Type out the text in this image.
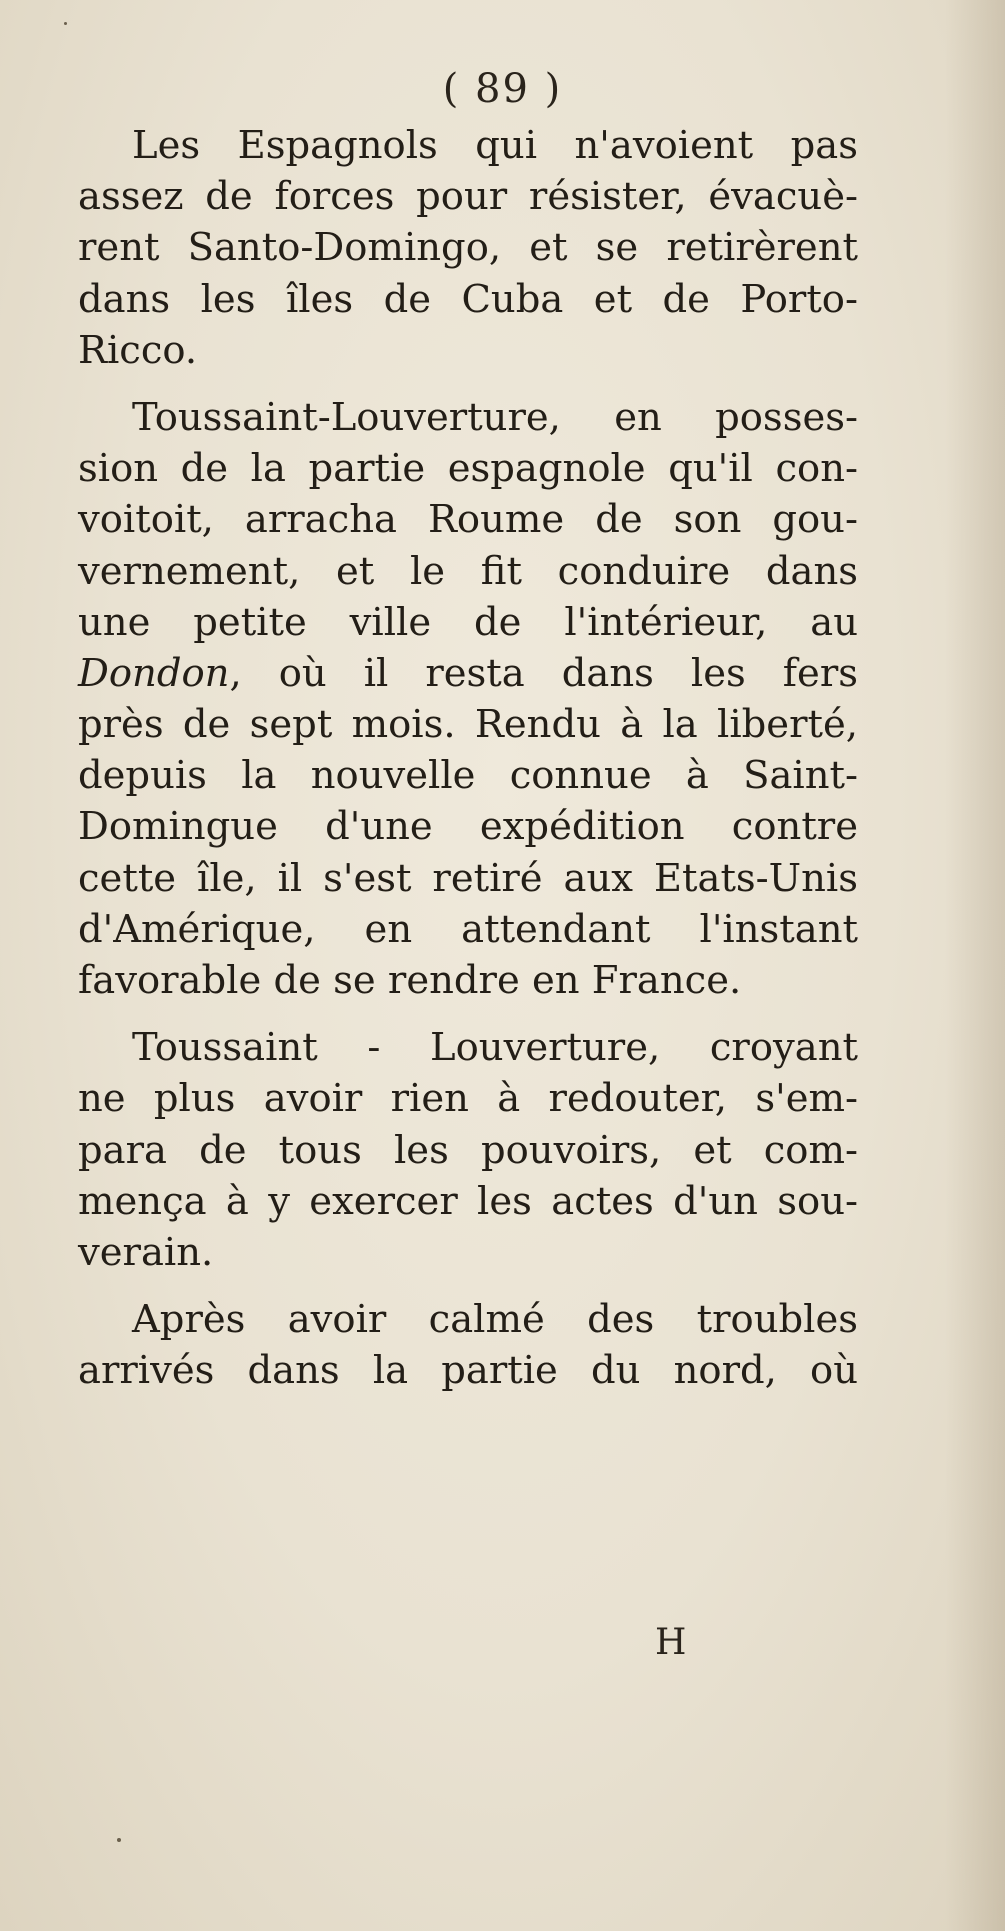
( 89 )
Les Espagnols qui n'avoient pas
assez de forces pour résister, évacuè-
rent Santo-Domingo, et se retirèrent
dans les îles de Cuba et de Porto-
Ricco.
Toussaint-Louverture, en posses-
sion de la partie espagnole qu'il con-
voitoit, arracha Roume de son gou-
vernement, et le fit conduire dans
une petite ville de l'intérieur, au
Dondon, où il resta dans les fers
près de sept mois. Rendu à la liberté,
depuis la nouvelle connue à Saint-
Domingue d'une expédition contre
cette île, il s'est retiré aux Etats-Unis
d'Amérique, en attendant l'instant
favorable de se rendre en France.
Toussaint - Louverture, croyant
ne plus avoir rien à redouter, s'em-
para de tous les pouvoirs, et com-
mença à y exercer les actes d'un sou-
verain.
Après avoir calmé des troubles
arrivés dans la partie du nord, où
H
